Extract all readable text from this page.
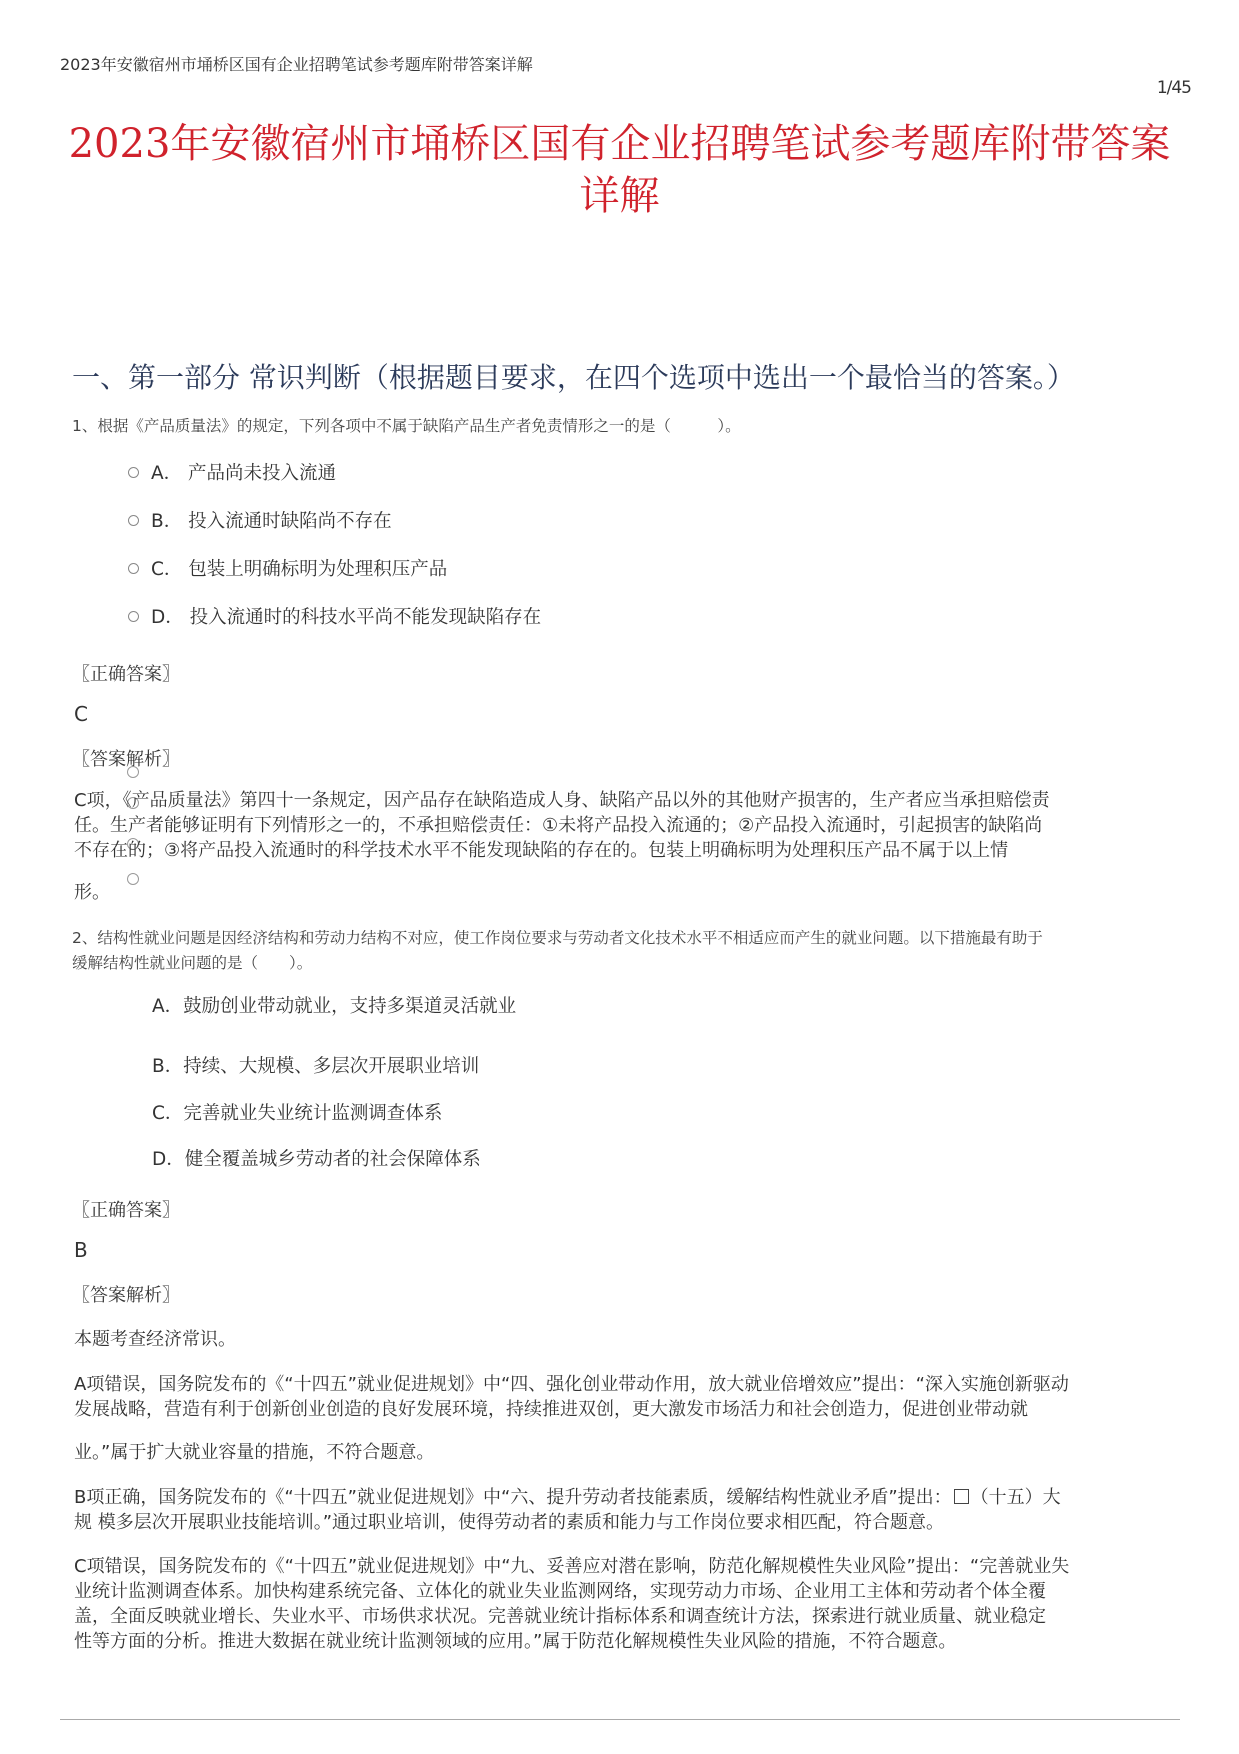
2023年安徽宿州市埇桥区国有企业招聘笔试参考题库附带答案详解
1/45
2023年安徽宿州市埇桥区国有企业招聘笔试参考题库附带答案
详解
一、第一部分 常识判断（根据题目要求，在四个选项中选出一个最恰当的答案。）
1、根据《产品质量法》的规定，下列各项中不属于缺陷产品生产者免责情形之一的是（　　　）。
A． 产品尚未投入流通
B． 投入流通时缺陷尚不存在
C． 包装上明确标明为处理积压产品
D． 投入流通时的科技水平尚不能发现缺陷存在
〖正确答案〗
C
〖答案解析〗
C项，《产品质量法》第四十一条规定，因产品存在缺陷造成人身、缺陷产品以外的其他财产损害的，生产者应当承担赔偿责
任。生产者能够证明有下列情形之一的，不承担赔偿责任：①未将产品投入流通的；②产品投入流通时，引起损害的缺陷尚
不存在的；③将产品投入流通时的科学技术水平不能发现缺陷的存在的。包装上明确标明为处理积压产品不属于以上情
形。
2、结构性就业问题是因经济结构和劳动力结构不对应，使工作岗位要求与劳动者文化技术水平不相适应而产生的就业问题。以下措施最有助于
缓解结构性就业问题的是（　　）。
A．鼓励创业带动就业，支持多渠道灵活就业
B．持续、大规模、多层次开展职业培训
C．完善就业失业统计监测调查体系
D．健全覆盖城乡劳动者的社会保障体系
〖正确答案〗
B
〖答案解析〗
本题考查经济常识。
A项错误，国务院发布的《“十四五”就业促进规划》中“四、强化创业带动作用，放大就业倍增效应”提出：“深入实施创新驱动
发展战略，营造有利于创新创业创造的良好发展环境，持续推进双创，更大激发市场活力和社会创造力，促进创业带动就
业。”属于扩大就业容量的措施，不符合题意。
B项正确，国务院发布的《“十四五”就业促进规划》中“六、提升劳动者技能素质，缓解结构性就业矛盾”提出： （十五）大
规 模多层次开展职业技能培训。”通过职业培训，使得劳动者的素质和能力与工作岗位要求相匹配，符合题意。
C项错误，国务院发布的《“十四五”就业促进规划》中“九、妥善应对潜在影响，防范化解规模性失业风险”提出：“完善就业失
业统计监测调查体系。加快构建系统完备、立体化的就业失业监测网络，实现劳动力市场、企业用工主体和劳动者个体全覆
盖，全面反映就业增长、失业水平、市场供求状况。完善就业统计指标体系和调查统计方法，探索进行就业质量、就业稳定
性等方面的分析。推进大数据在就业统计监测领域的应用。”属于防范化解规模性失业风险的措施，不符合题意。
